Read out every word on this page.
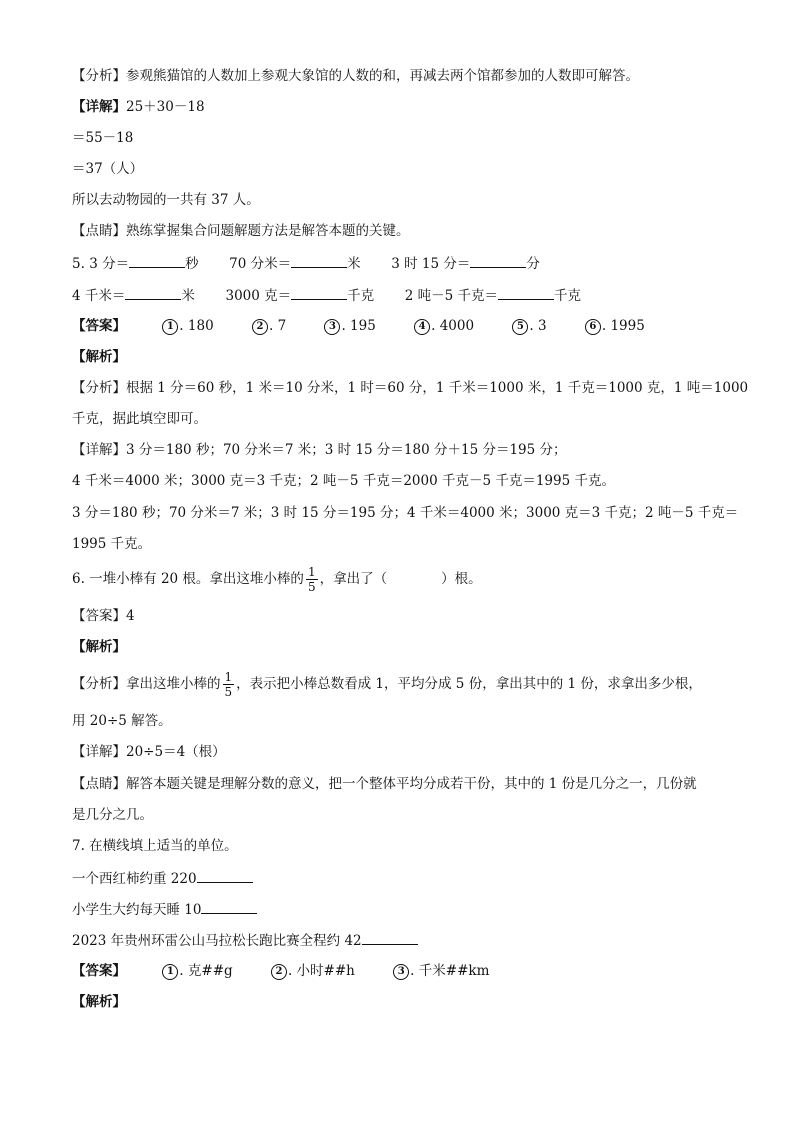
【分析】参观熊猫馆的人数加上参观大象馆的人数的和，再减去两个馆都参加的人数即可解答。
【详解】25＋30－18
＝55－18
＝37（人）
所以去动物园的一共有 37 人。
【点睛】熟练掌握集合问题解题方法是解答本题的关键。
5. 3 分＝	秒 70 分米＝	米 3 时 15 分＝	分
4 千米＝	米 3000 克＝	千克 2 吨－5 千克＝	千克
【答案】	1 . 180	2 . 7	3 . 195	4 . 4000	5 . 3	6 . 1995
【解析】
【分析】根据 1 分＝60 秒，1 米＝10 分米，1 时＝60 分，1 千米＝1000 米，1 千克＝1000 克，1 吨＝1000
千克，据此填空即可。
【详解】3 分＝180 秒；70 分米＝7 米；3 时 15 分＝180 分＋15 分＝195 分；
4 千米＝4000 米；3000 克＝3 千克；2 吨－5 千克＝2000 千克－5 千克＝1995 千克。
3 分＝180 秒；70 分米＝7 米；3 时 15 分＝195 分；4 千米＝4000 米；3000 克＝3 千克；2 吨－5 千克＝
1995 千克。
6. 一堆小棒有 20 根。拿出这堆小棒的 $\frac{1}{5}$ ，拿出了（　　　　）根。
【答案】4
【解析】
【分析】拿出这堆小棒的 $\frac{1}{5}$ ，表示把小棒总数看成 1，平均分成 5 份，拿出其中的 1 份，求拿出多少根，
用 20÷5 解答。
【详解】20÷5＝4（根）
【点睛】解答本题关键是理解分数的意义，把一个整体平均分成若干份，其中的 1 份是几分之一，几份就
是几分之几。
7. 在横线填上适当的单位。
一个西红柿约重 220
小学生大约每天睡 10
2023 年贵州环雷公山马拉松长跑比赛全程约 42
【答案】	1 . 克##g	2 . 小时##h	3 . 千米##km
【解析】
